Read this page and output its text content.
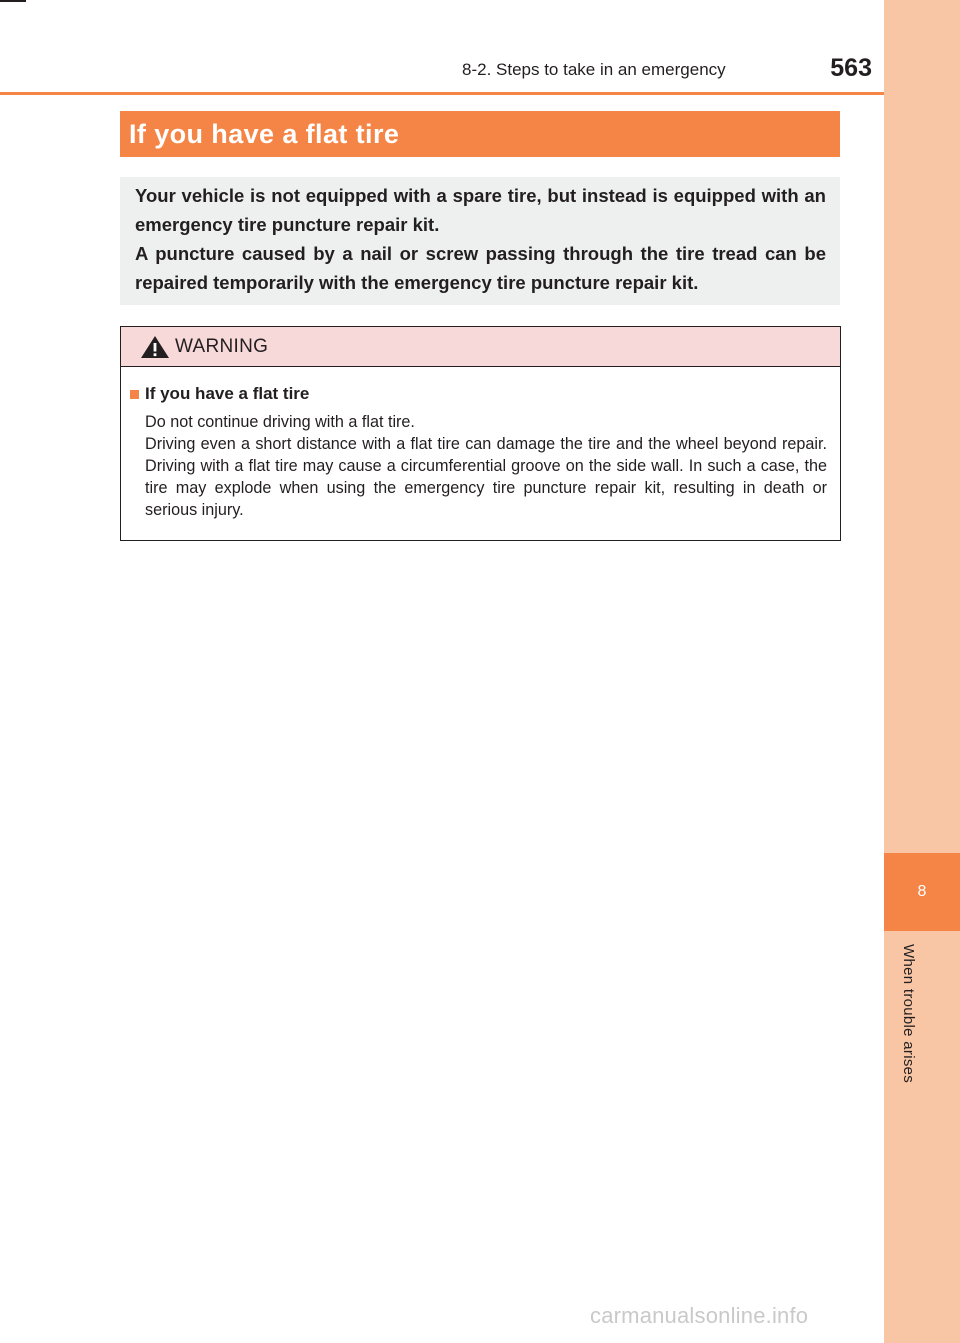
8
When trouble arises
8-2. Steps to take in an emergency	563
If you have a flat tire

Your vehicle is not equipped with a spare tire, but instead is equipped with an emergency tire puncture repair kit.

A puncture caused by a nail or screw passing through the tire tread can be repaired temporarily with the emergency tire puncture repair kit.

WARNING
If you have a flat tire

Do not continue driving with a flat tire.

Driving even a short distance with a flat tire can damage the tire and the wheel beyond repair. Driving with a flat tire may cause a circumferential groove on the side wall. In such a case, the tire may explode when using the emergency tire puncture repair kit, resulting in death or serious injury.

carmanualsonline.info
